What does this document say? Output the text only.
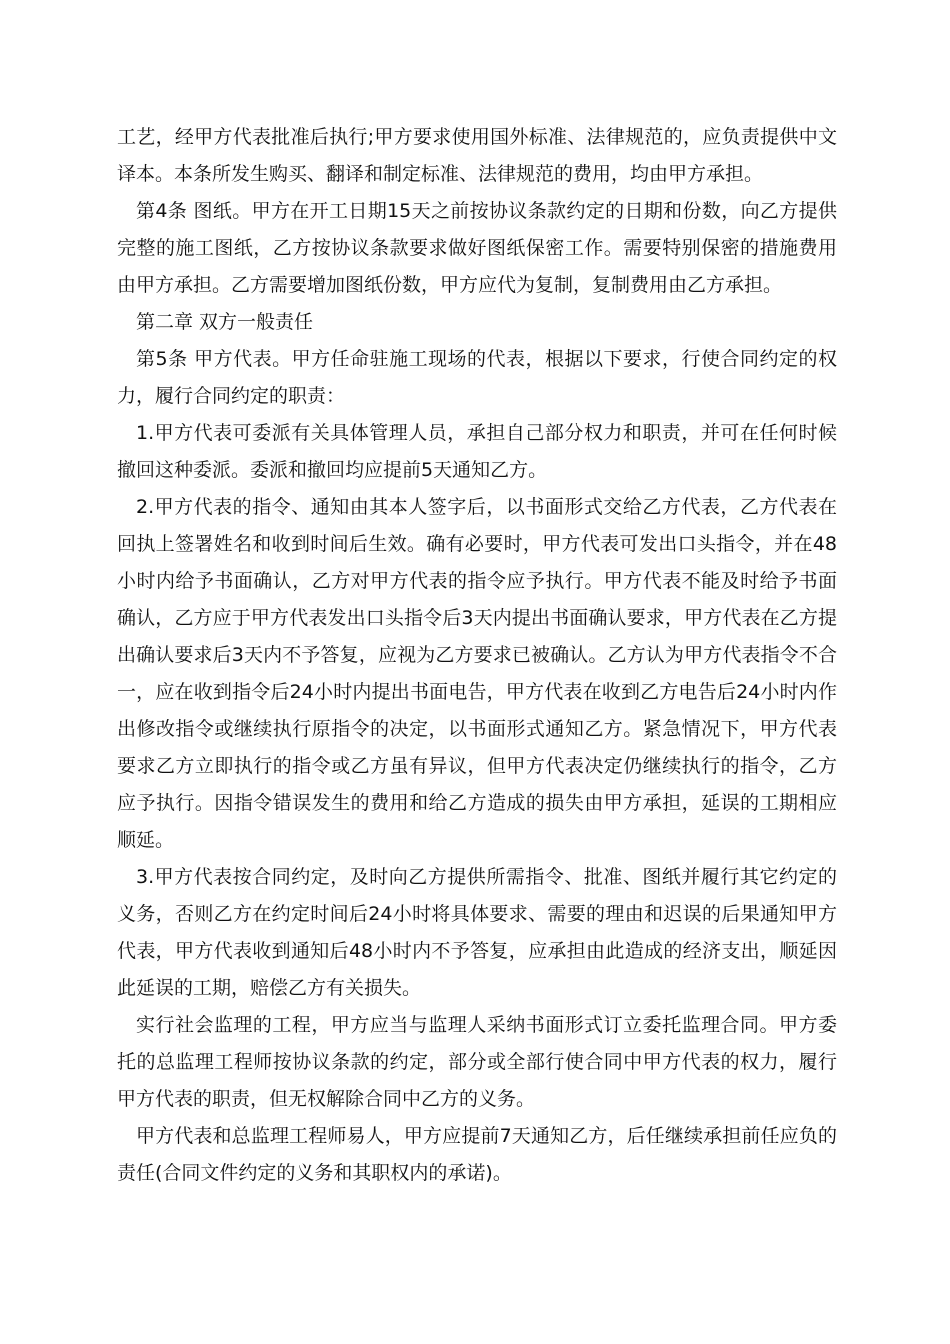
工艺，经甲方代表批准后执行;甲方要求使用国外标准、法律规范的，应负责提供中文译本。本条所发生购买、翻译和制定标准、法律规范的费用，均由甲方承担。

第4条 图纸。甲方在开工日期15天之前按协议条款约定的日期和份数，向乙方提供完整的施工图纸，乙方按协议条款要求做好图纸保密工作。需要特别保密的措施费用由甲方承担。乙方需要增加图纸份数，甲方应代为复制，复制费用由乙方承担。

第二章 双方一般责任

第5条 甲方代表。甲方任命驻施工现场的代表，根据以下要求，行使合同约定的权力，履行合同约定的职责：

1.甲方代表可委派有关具体管理人员，承担自己部分权力和职责，并可在任何时候撤回这种委派。委派和撤回均应提前5天通知乙方。

2.甲方代表的指令、通知由其本人签字后，以书面形式交给乙方代表，乙方代表在回执上签署姓名和收到时间后生效。确有必要时，甲方代表可发出口头指令，并在48小时内给予书面确认，乙方对甲方代表的指令应予执行。甲方代表不能及时给予书面确认，乙方应于甲方代表发出口头指令后3天内提出书面确认要求，甲方代表在乙方提出确认要求后3天内不予答复，应视为乙方要求已被确认。乙方认为甲方代表指令不合一，应在收到指令后24小时内提出书面电告，甲方代表在收到乙方电告后24小时内作出修改指令或继续执行原指令的决定，以书面形式通知乙方。紧急情况下，甲方代表要求乙方立即执行的指令或乙方虽有异议，但甲方代表决定仍继续执行的指令，乙方应予执行。因指令错误发生的费用和给乙方造成的损失由甲方承担，延误的工期相应顺延。

3.甲方代表按合同约定，及时向乙方提供所需指令、批准、图纸并履行其它约定的义务，否则乙方在约定时间后24小时将具体要求、需要的理由和迟误的后果通知甲方代表，甲方代表收到通知后48小时内不予答复，应承担由此造成的经济支出，顺延因此延误的工期，赔偿乙方有关损失。

实行社会监理的工程，甲方应当与监理人采纳书面形式订立委托监理合同。甲方委托的总监理工程师按协议条款的约定，部分或全部行使合同中甲方代表的权力，履行甲方代表的职责，但无权解除合同中乙方的义务。

甲方代表和总监理工程师易人，甲方应提前7天通知乙方，后任继续承担前任应负的责任(合同文件约定的义务和其职权内的承诺)。
